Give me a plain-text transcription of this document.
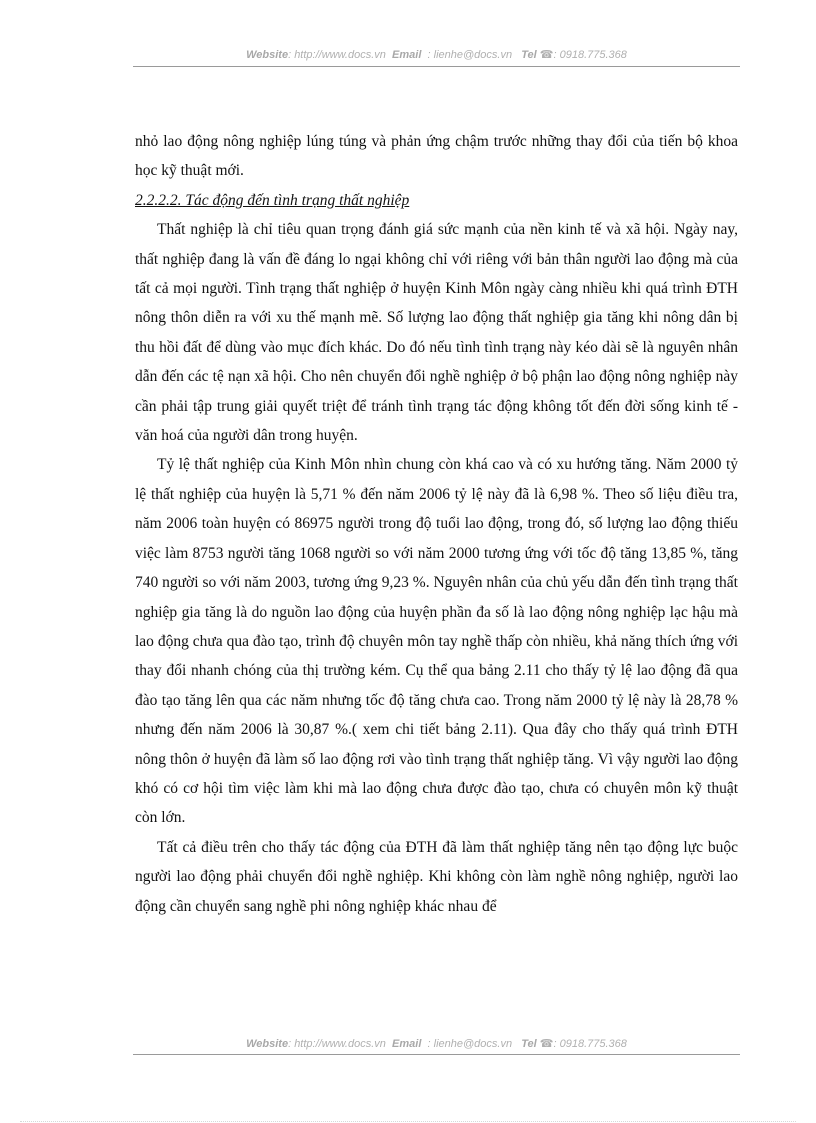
Website: http://www.docs.vn Email : lienhe@docs.vn Tel ☎: 0918.775.368

nhỏ lao động nông nghiệp lúng túng và phản ứng chậm trước những thay đổi của tiến bộ khoa học kỹ thuật mới.

2.2.2.2. Tác động đến tình trạng thất nghiệp

Thất nghiệp là chỉ tiêu quan trọng đánh giá sức mạnh của nền kinh tế và xã hội. Ngày nay, thất nghiệp đang là vấn đề đáng lo ngại không chỉ với riêng với bản thân người lao động mà của tất cả mọi người. Tình trạng thất nghiệp ở huyện Kinh Môn ngày càng nhiều khi quá trình ĐTH nông thôn diễn ra với xu thế mạnh mẽ. Số lượng lao động thất nghiệp gia tăng khi nông dân bị thu hồi đất để dùng vào mục đích khác. Do đó nếu tình tình trạng này kéo dài sẽ là nguyên nhân dẫn đến các tệ nạn xã hội. Cho nên chuyển đổi nghề nghiệp ở bộ phận lao động nông nghiệp này cần phải tập trung giải quyết triệt để tránh tình trạng tác động không tốt đến đời sống kinh tế - văn hoá của người dân trong huyện.

Tỷ lệ thất nghiệp của Kinh Môn nhìn chung còn khá cao và có xu hướng tăng. Năm 2000 tỷ lệ thất nghiệp của huyện là 5,71 % đến năm 2006 tỷ lệ này đã là 6,98 %. Theo số liệu điều tra, năm 2006 toàn huyện có 86975 người trong độ tuổi lao động, trong đó, số lượng lao động thiếu việc làm 8753 người tăng 1068 người so với năm 2000 tương ứng với tốc độ tăng 13,85 %, tăng 740 người so với năm 2003, tương ứng 9,23 %. Nguyên nhân của chủ yếu dẫn đến tình trạng thất nghiệp gia tăng là do nguồn lao động của huyện phần đa số là lao động nông nghiệp lạc hậu mà lao động chưa qua đào tạo, trình độ chuyên môn tay nghề thấp còn nhiều, khả năng thích ứng với thay đổi nhanh chóng của thị trường kém. Cụ thể qua bảng 2.11 cho thấy tỷ lệ lao động đã qua đào tạo tăng lên qua các năm nhưng tốc độ tăng chưa cao. Trong năm 2000 tỷ lệ này là 28,78 % nhưng đến năm 2006 là 30,87 %.( xem chi tiết bảng 2.11). Qua đây cho thấy quá trình ĐTH nông thôn ở huyện đã làm số lao động rơi vào tình trạng thất nghiệp tăng. Vì vậy người lao động khó có cơ hội tìm việc làm khi mà lao động chưa được đào tạo, chưa có chuyên môn kỹ thuật còn lớn.

Tất cả điều trên cho thấy tác động của ĐTH đã làm thất nghiệp tăng nên tạo động lực buộc người lao động phải chuyển đổi nghề nghiệp. Khi không còn làm nghề nông nghiệp, người lao động cần chuyển sang nghề phi nông nghiệp khác nhau để

Website: http://www.docs.vn Email : lienhe@docs.vn Tel ☎: 0918.775.368
